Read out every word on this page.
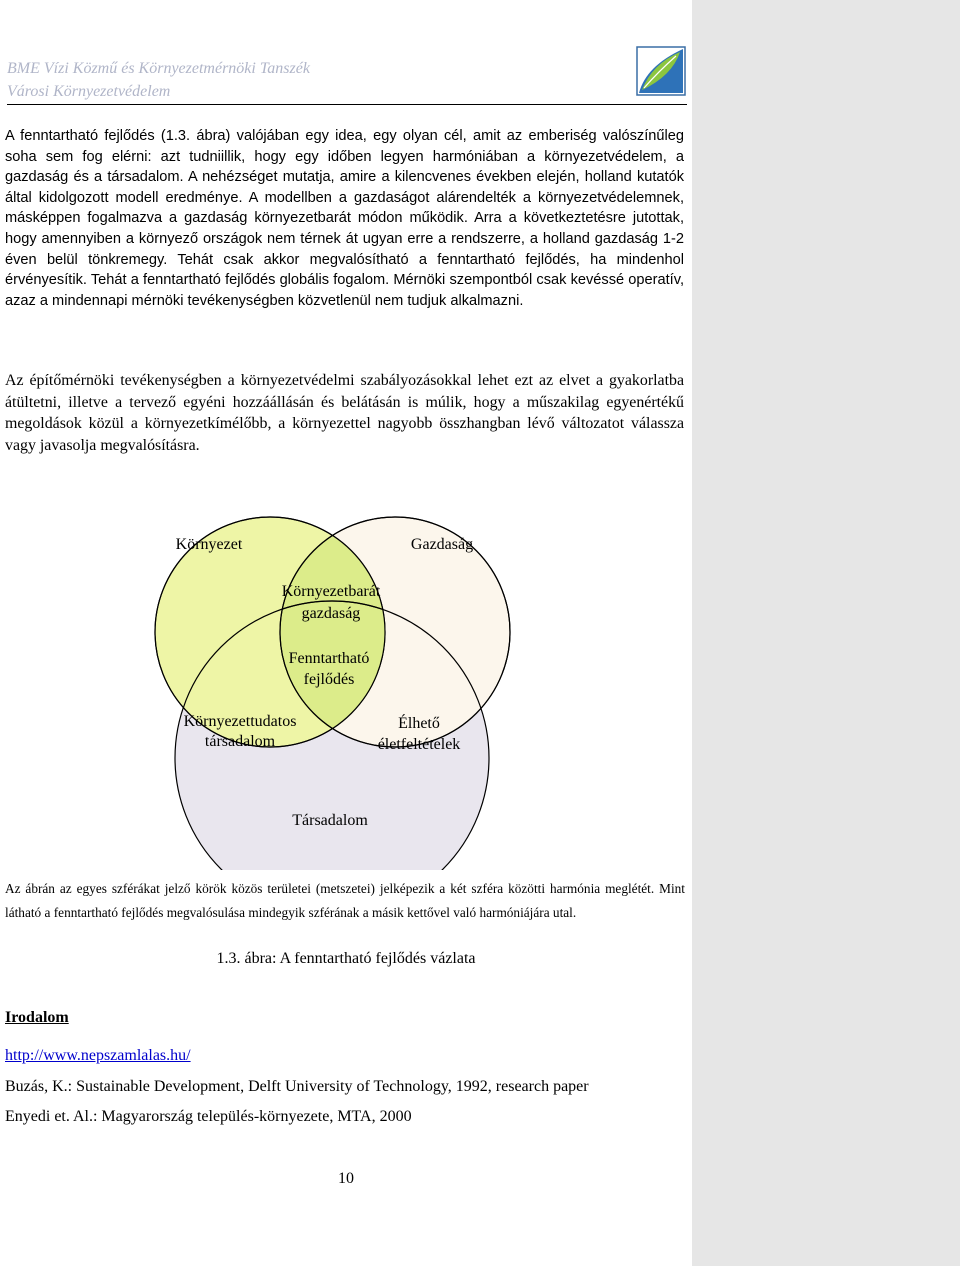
BME Vízi Közmű és Környezetmérnöki Tanszék
Városi Környezetvédelem
A fenntartható fejlődés (1.3. ábra) valójában egy idea, egy olyan cél, amit az emberiség valószínűleg soha sem fog elérni: azt tudniillik, hogy egy időben legyen harmóniában a környezetvédelem, a gazdaság és a társadalom. A nehézséget mutatja, amire a kilencvenes években elején, holland kutatók által kidolgozott modell eredménye. A modellben a gazdaságot alárendelték a környezetvédelemnek, másképpen fogalmazva a gazdaság környezetbarát módon működik. Arra a következtetésre jutottak, hogy amennyiben a környező országok nem térnek át ugyan erre a rendszerre, a holland gazdaság 1-2 éven belül tönkremegy. Tehát csak akkor megvalósítható a fenntartható fejlődés, ha mindenhol érvényesítik. Tehát a fenntartható fejlődés globális fogalom. Mérnöki szempontból csak kevéssé operatív, azaz a mindennapi mérnöki tevékenységben közvetlenül nem tudjuk alkalmazni.
Az építőmérnöki tevékenységben a környezetvédelmi szabályozásokkal lehet ezt az elvet a gyakorlatba átültetni, illetve a tervező egyéni hozzáállásán és belátásán is múlik, hogy a műszakilag egyenértékű megoldások közül a környezetkímélőbb, a környezettel nagyobb összhangban lévő változatot válassza vagy javasolja megvalósításra.
Környezet	Gazdaság
Környezetbarát
gazdaság
Fenntartható
fejlődés
Környezettudatos
társadalom
Élhető
életfeltételek
Társadalom
Az ábrán az egyes szférákat jelző körök közös területei (metszetei) jelképezik a két szféra közötti harmónia meglétét. Mint látható a fenntartható fejlődés megvalósulása mindegyik szférának a másik kettővel való harmóniájára utal.
1.3. ábra: A fenntartható fejlődés vázlata
Irodalom
http://www.nepszamlalas.hu/
Buzás, K.: Sustainable Development, Delft University of Technology, 1992, research paper
Enyedi et. Al.: Magyarország település-környezete, MTA, 2000
10
